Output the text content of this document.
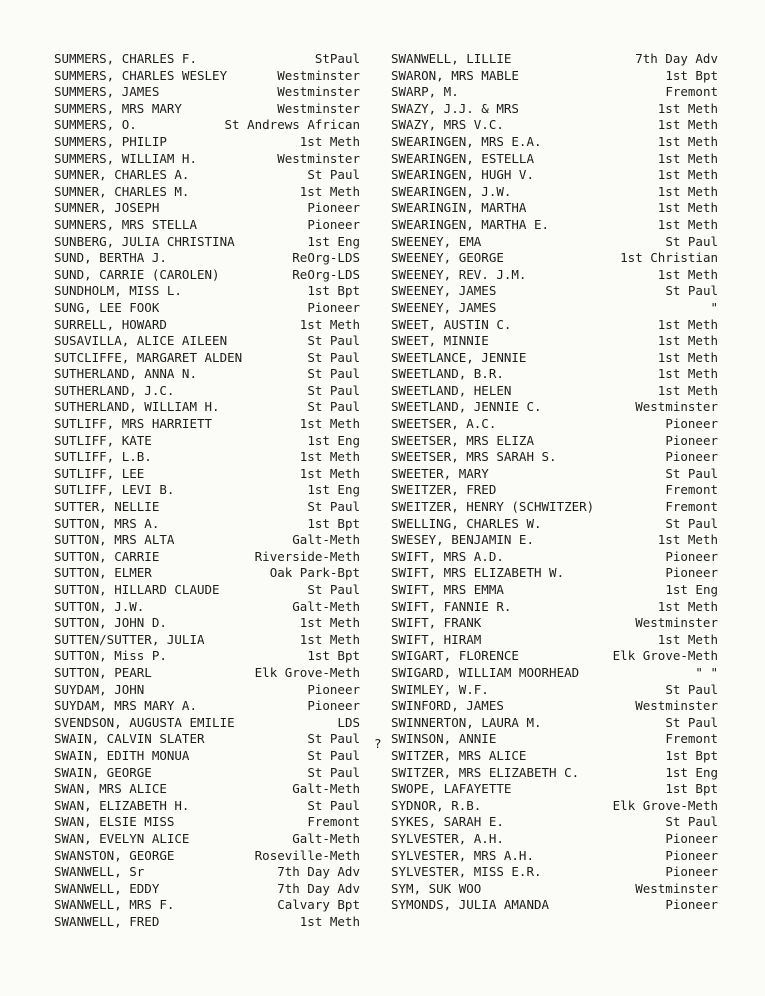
SUMMERS, CHARLES F.	StPaul
SUMMERS, CHARLES WESLEY	Westminster
SUMMERS, JAMES	Westminster
SUMMERS, MRS MARY	Westminster
SUMMERS, O.	St Andrews African
SUMMERS, PHILIP	1st Meth
SUMMERS, WILLIAM H.	Westminster
SUMNER, CHARLES A.	St Paul
SUMNER, CHARLES M.	1st Meth
SUMNER, JOSEPH	Pioneer
SUMNERS, MRS STELLA	Pioneer
SUNBERG, JULIA CHRISTINA	1st Eng
SUND, BERTHA J.	ReOrg-LDS
SUND, CARRIE (CAROLEN)	ReOrg-LDS
SUNDHOLM, MISS L.	1st Bpt
SUNG, LEE FOOK	Pioneer
SURRELL, HOWARD	1st Meth
SUSAVILLA, ALICE AILEEN	St Paul
SUTCLIFFE, MARGARET ALDEN	St Paul
SUTHERLAND, ANNA N.	St Paul
SUTHERLAND, J.C.	St Paul
SUTHERLAND, WILLIAM H.	St Paul
SUTLIFF, MRS HARRIETT	1st Meth
SUTLIFF, KATE	1st Eng
SUTLIFF, L.B.	1st Meth
SUTLIFF, LEE	1st Meth
SUTLIFF, LEVI B.	1st Eng
SUTTER, NELLIE	St Paul
SUTTON, MRS A.	1st Bpt
SUTTON, MRS ALTA	Galt-Meth
SUTTON, CARRIE	Riverside-Meth
SUTTON, ELMER	Oak Park-Bpt
SUTTON, HILLARD CLAUDE	St Paul
SUTTON, J.W.	Galt-Meth
SUTTON, JOHN D.	1st Meth
SUTTEN/SUTTER, JULIA	1st Meth
SUTTON, Miss P.	1st Bpt
SUTTON, PEARL	Elk Grove-Meth
SUYDAM, JOHN	Pioneer
SUYDAM, MRS MARY A.	Pioneer
SVENDSON, AUGUSTA EMILIE	LDS
SWAIN, CALVIN SLATER	St Paul
SWAIN, EDITH MONUA	St Paul
SWAIN, GEORGE	St Paul
SWAN, MRS ALICE	Galt-Meth
SWAN, ELIZABETH H.	St Paul
SWAN, ELSIE MISS	Fremont
SWAN, EVELYN ALICE	Galt-Meth
SWANSTON, GEORGE	Roseville-Meth
SWANWELL, Sr	7th Day Adv
SWANWELL, EDDY	7th Day Adv
SWANWELL, MRS F.	Calvary Bpt
SWANWELL, FRED	1st Meth
SWANWELL, LILLIE	7th Day Adv
SWARON, MRS MABLE	1st Bpt
SWARP, M.	Fremont
SWAZY, J.J. & MRS	1st Meth
SWAZY, MRS V.C.	1st Meth
SWEARINGEN, MRS E.A.	1st Meth
SWEARINGEN, ESTELLA	1st Meth
SWEARINGEN, HUGH V.	1st Meth
SWEARINGEN, J.W.	1st Meth
SWEARINGIN, MARTHA	1st Meth
SWEARINGEN, MARTHA E.	1st Meth
SWEENEY, EMA	St Paul
SWEENEY, GEORGE	1st Christian
SWEENEY, REV. J.M.	1st Meth
SWEENEY, JAMES	St Paul
SWEENEY, JAMES	"
SWEET, AUSTIN C.	1st Meth
SWEET, MINNIE	1st Meth
SWEETLANCE, JENNIE	1st Meth
SWEETLAND, B.R.	1st Meth
SWEETLAND, HELEN	1st Meth
SWEETLAND, JENNIE C.	Westminster
SWEETSER, A.C.	Pioneer
SWEETSER, MRS ELIZA	Pioneer
SWEETSER, MRS SARAH S.	Pioneer
SWEETER, MARY	St Paul
SWEITZER, FRED	Fremont
SWEITZER, HENRY (SCHWITZER)	Fremont
SWELLING, CHARLES W.	St Paul
SWESEY, BENJAMIN E.	1st Meth
SWIFT, MRS A.D.	Pioneer
SWIFT, MRS ELIZABETH W.	Pioneer
SWIFT, MRS EMMA	1st Eng
SWIFT, FANNIE R.	1st Meth
SWIFT, FRANK	Westminster
SWIFT, HIRAM	1st Meth
SWIGART, FLORENCE	Elk Grove-Meth
SWIGARD, WILLIAM MOORHEAD	" "
SWIMLEY, W.F.	St Paul
SWINFORD, JAMES	Westminster
SWINNERTON, LAURA M.	St Paul
SWINSON, ANNIE	Fremont
SWITZER, MRS ALICE	1st Bpt
SWITZER, MRS ELIZABETH C.	1st Eng
SWOPE, LAFAYETTE	1st Bpt
SYDNOR, R.B.	Elk Grove-Meth
SYKES, SARAH E.	St Paul
SYLVESTER, A.H.	Pioneer
SYLVESTER, MRS A.H.	Pioneer
SYLVESTER, MISS E.R.	Pioneer
SYM, SUK WOO	Westminster
SYMONDS, JULIA AMANDA	Pioneer
?
